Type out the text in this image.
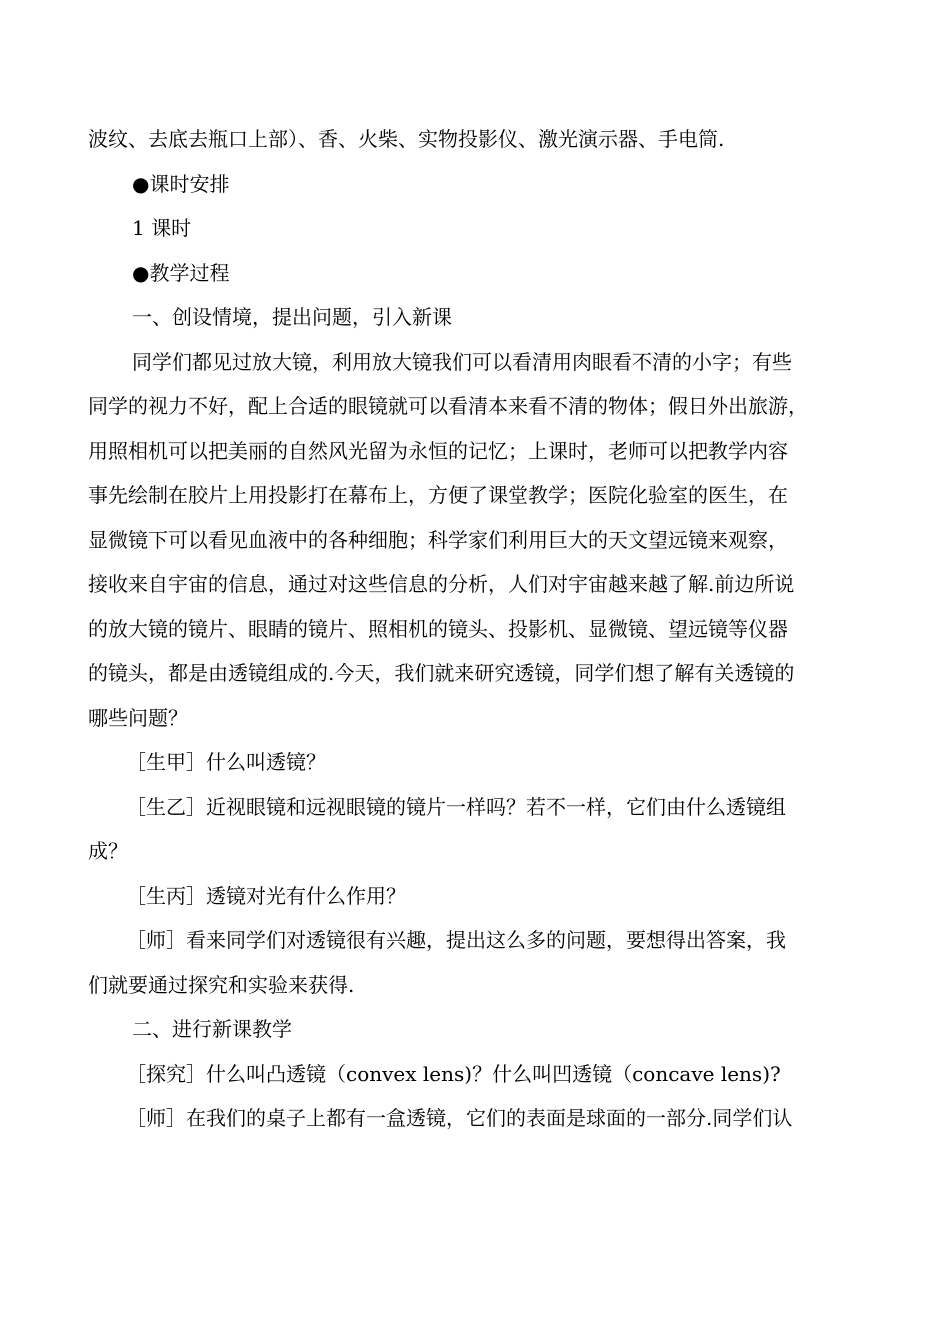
波纹、去底去瓶口上部）、香、火柴、实物投影仪、激光演示器、手电筒.
●课时安排
1 课时
●教学过程
一、创设情境，提出问题，引入新课
同学们都见过放大镜，利用放大镜我们可以看清用肉眼看不清的小字；有些
同学的视力不好，配上合适的眼镜就可以看清本来看不清的物体；假日外出旅游，
用照相机可以把美丽的自然风光留为永恒的记忆；上课时，老师可以把教学内容
事先绘制在胶片上用投影打在幕布上，方便了课堂教学；医院化验室的医生，在
显微镜下可以看见血液中的各种细胞；科学家们利用巨大的天文望远镜来观察，
接收来自宇宙的信息，通过对这些信息的分析，人们对宇宙越来越了解.前边所说
的放大镜的镜片、眼睛的镜片、照相机的镜头、投影机、显微镜、望远镜等仪器
的镜头，都是由透镜组成的.今天，我们就来研究透镜，同学们想了解有关透镜的
哪些问题？
［生甲］什么叫透镜？
［生乙］近视眼镜和远视眼镜的镜片一样吗？若不一样，它们由什么透镜组
成？
［生丙］透镜对光有什么作用？
［师］看来同学们对透镜很有兴趣，提出这么多的问题，要想得出答案，我
们就要通过探究和实验来获得.
二、进行新课教学
［探究］什么叫凸透镜（convex lens)？什么叫凹透镜（concave lens)?
［师］在我们的桌子上都有一盒透镜，它们的表面是球面的一部分.同学们认
